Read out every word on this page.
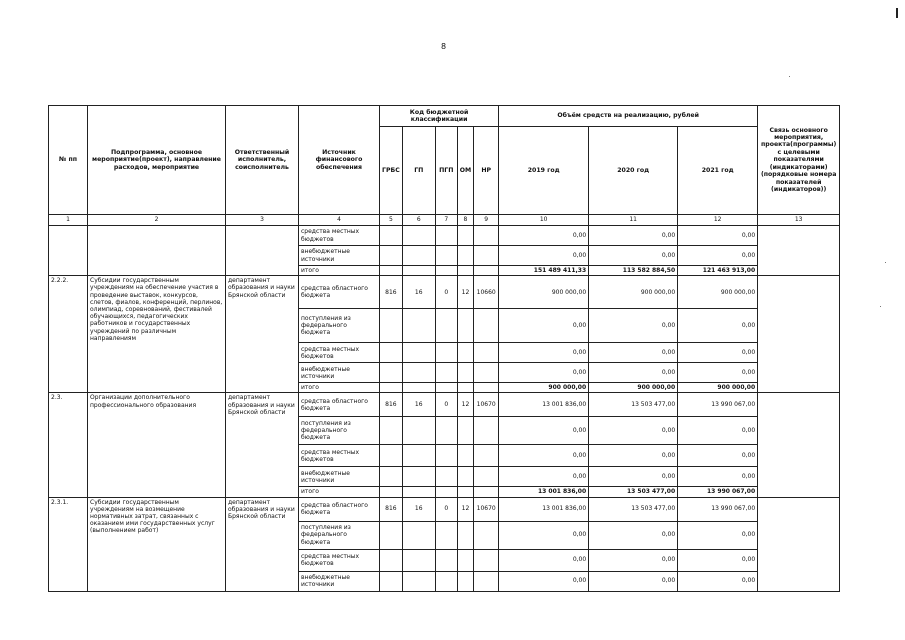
8
№ пп	Подпрограмма, основное мероприятие(проект), направление расходов, мероприятие	Ответственный исполнитель, соисполнитель	Источник финансового обеспечения	Код бюджетной классификации					Объём средств на реализацию, рублей			Связь основного мероприятия, проекта(программы) с целевыми показателями (индикаторами) (порядковые номера показателей (индикаторов))
				ГРБС	ГП	ПГП	ОМ	НР	2019 год	2020 год	2021 год	
1	2	3	4	5	6	7	8	9	10	11	12	13
			средства местных бюджетов						0,00	0,00	0,00	
			внебюджетные источники						0,00	0,00	0,00	
			итого						151 489 411,33	113 582 884,50	121 463 913,00	
2.2.2.	Субсидии государственным учреждениям на обеспечение участия в проведение выставок, конкурсов, слетов, фиалов, конференций, перлинов, олимпиад, соревнований, фестивалей обучающихся, педагогических работников и государственных учреждений по различным направлениям	департамент образования и науки Брянской области	средства областного бюджета	816	16	0	12	10660	900 000,00	900 000,00	900 000,00	
			поступления из федерального бюджета						0,00	0,00	0,00	
			средства местных бюджетов						0,00	0,00	0,00	
			внебюджетные источники						0,00	0,00	0,00	
			итого						900 000,00	900 000,00	900 000,00	
2.3.	Организации дополнительного профессионального образования	департамент образования и науки Брянской области	средства областного бюджета	816	16	0	12	10670	13 001 836,00	13 503 477,00	13 990 067,00	
			поступления из федерального бюджета						0,00	0,00	0,00	
			средства местных бюджетов						0,00	0,00	0,00	
			внебюджетные источники						0,00	0,00	0,00	
			итого						13 001 836,00	13 503 477,00	13 990 067,00	
2.3.1.	Субсидии государственным учреждениям на возмещение нормативных затрат, связанных с оказанием ими государственных услуг (выполнением работ)	департамент образования и науки Брянской области	средства областного бюджета	816	16	0	12	10670	13 001 836,00	13 503 477,00	13 990 067,00	
			поступления из федерального бюджета						0,00	0,00	0,00	
			средства местных бюджетов						0,00	0,00	0,00	
			внебюджетные источники						0,00	0,00	0,00	
